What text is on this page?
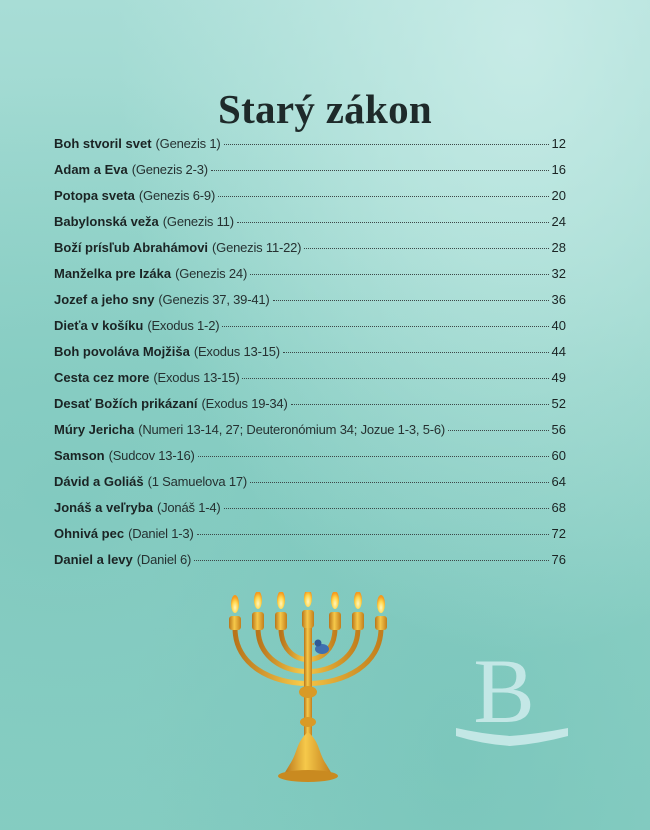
Starý zákon
Boh stvoril svet (Genezis 1)	12
Adam a Eva (Genezis 2-3)	16
Potopa sveta (Genezis 6-9)	20
Babylonská veža (Genezis 11)	24
Boží prísľub Abrahámovi (Genezis 11-22)	28
Manželka pre Izáka (Genezis 24)	32
Jozef a jeho sny (Genezis 37, 39-41)	36
Dieťa v košíku (Exodus 1-2)	40
Boh povoláva Mojžiša (Exodus 13-15)	44
Cesta cez more (Exodus 13-15)	49
Desať Božích prikázaní (Exodus 19-34)	52
Múry Jericha (Numeri 13-14, 27; Deuteronómium 34; Jozue 1-3, 5-6)	56
Samson (Sudcov 13-16)	60
Dávid a Goliáš (1 Samuelova 17)	64
Jonáš a veľryba (Jonáš 1-4)	68
Ohnivá pec (Daniel 1-3)	72
Daniel a levy (Daniel 6)	76
B
